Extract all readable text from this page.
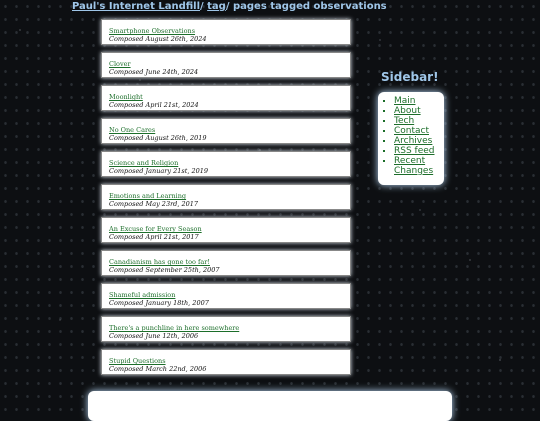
Paul's Internet Landfill/ tag/ pages tagged observations
Smartphone Observations
Composed August 26th, 2024
Clover
Composed June 24th, 2024
Moonlight
Composed April 21st, 2024
No One Cares
Composed August 26th, 2019
Science and Religion
Composed January 21st, 2019
Emotions and Learning
Composed May 23rd, 2017
An Excuse for Every Season
Composed April 21st, 2017
Canadianism has gone too far!
Composed September 25th, 2007
Shameful admission
Composed January 18th, 2007
There's a punchline in here somewhere
Composed June 12th, 2006
Stupid Questions
Composed March 22nd, 2006
Sidebar!
▪ Main
▪ About
▪ Tech
▪ Contact
▪ Archives
▪ RSS feed
▪ Recent Changes
